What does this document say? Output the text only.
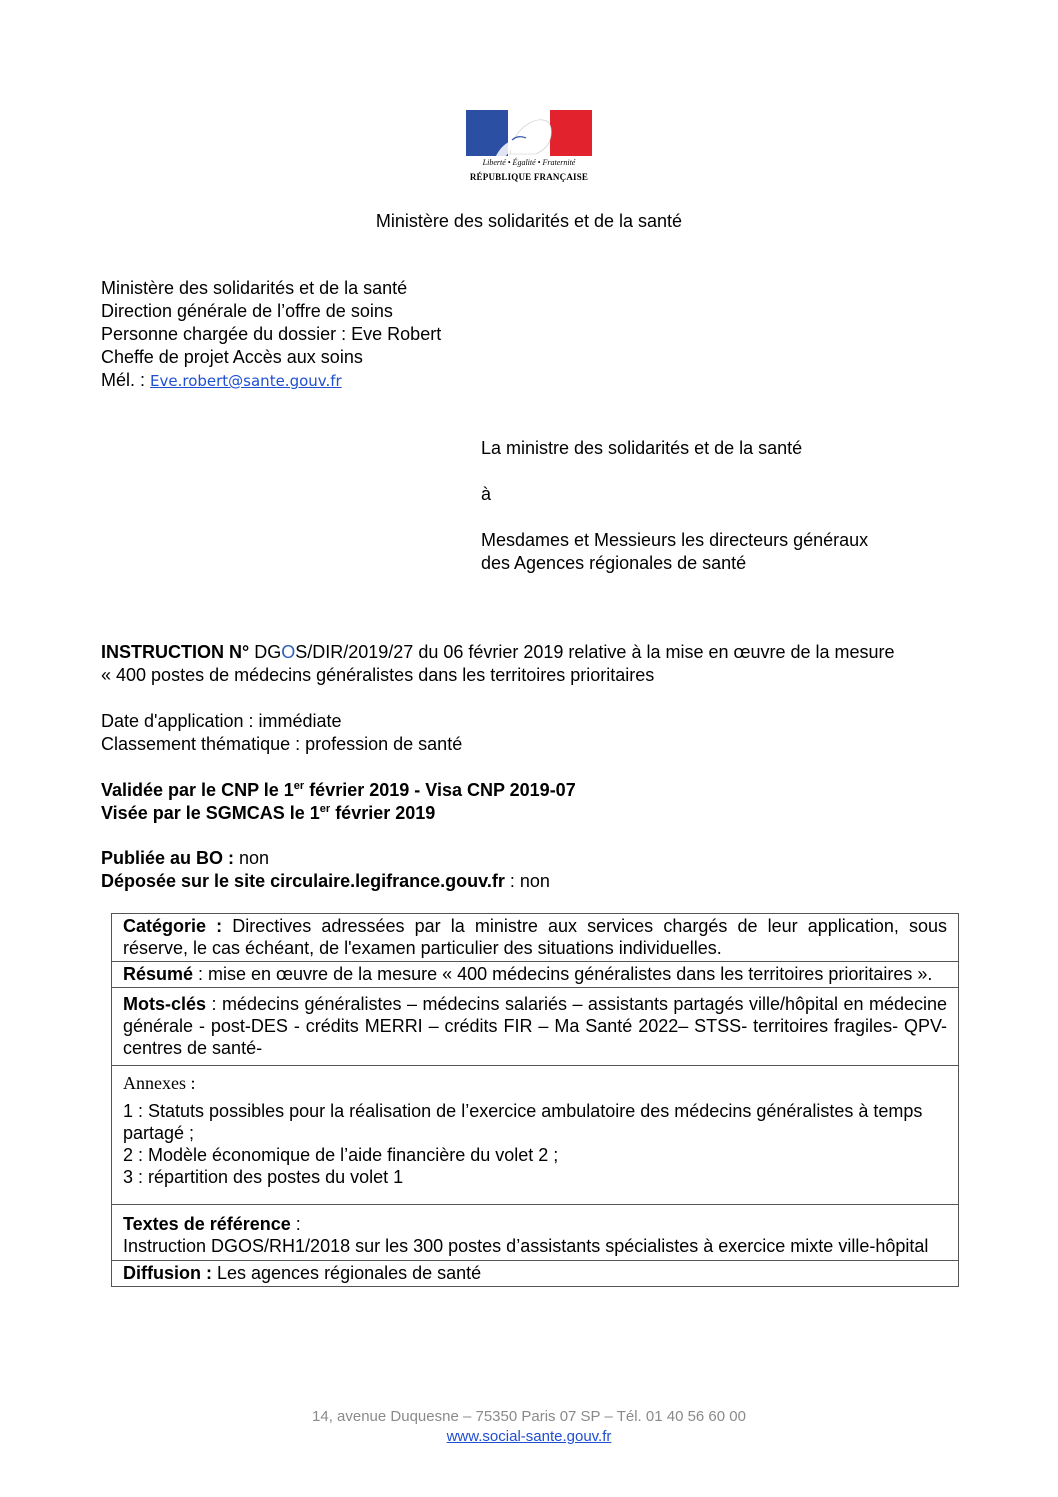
Liberté • Égalité • Fraternité
RÉPUBLIQUE FRANÇAISE
Ministère des solidarités et de la santé
Ministère des solidarités et de la santé
Direction générale de l’offre de soins
Personne chargée du dossier : Eve Robert
Cheffe de projet Accès aux soins
Mél. : Eve.robert@sante.gouv.fr
La ministre des solidarités et de la santé
à
Mesdames et Messieurs les directeurs généraux
des Agences régionales de santé
INSTRUCTION N° DGOS/DIR/2019/27 du 06 février 2019 relative à la mise en œuvre de la mesure
« 400 postes de médecins généralistes dans les territoires prioritaires
Date d'application : immédiate
Classement thématique : profession de santé
Validée par le CNP le 1er février 2019 - Visa CNP 2019-07
Visée par le SGMCAS le 1er février 2019
Publiée au BO : non
Déposée sur le site circulaire.legifrance.gouv.fr : non
Catégorie : Directives adressées par la ministre aux services chargés de leur application, sous réserve, le cas échéant, de l'examen particulier des situations individuelles.
Résumé : mise en œuvre de la mesure « 400 médecins généralistes dans les territoires prioritaires ».
Mots-clés : médecins généralistes – médecins salariés – assistants partagés ville/hôpital en médecine générale - post-DES - crédits MERRI – crédits FIR – Ma Santé 2022– STSS- territoires fragiles- QPV-centres de santé-

Annexes :
1 : Statuts possibles pour la réalisation de l’exercice ambulatoire des médecins généralistes à temps partagé ;
2 : Modèle économique de l’aide financière du volet 2 ;
3 : répartition des postes du volet 1

Textes de référence :
Instruction DGOS/RH1/2018 sur les 300 postes d’assistants spécialistes à exercice mixte ville-hôpital

Diffusion : Les agences régionales de santé
14, avenue Duquesne – 75350 Paris 07 SP – Tél. 01 40 56 60 00
www.social-sante.gouv.fr
